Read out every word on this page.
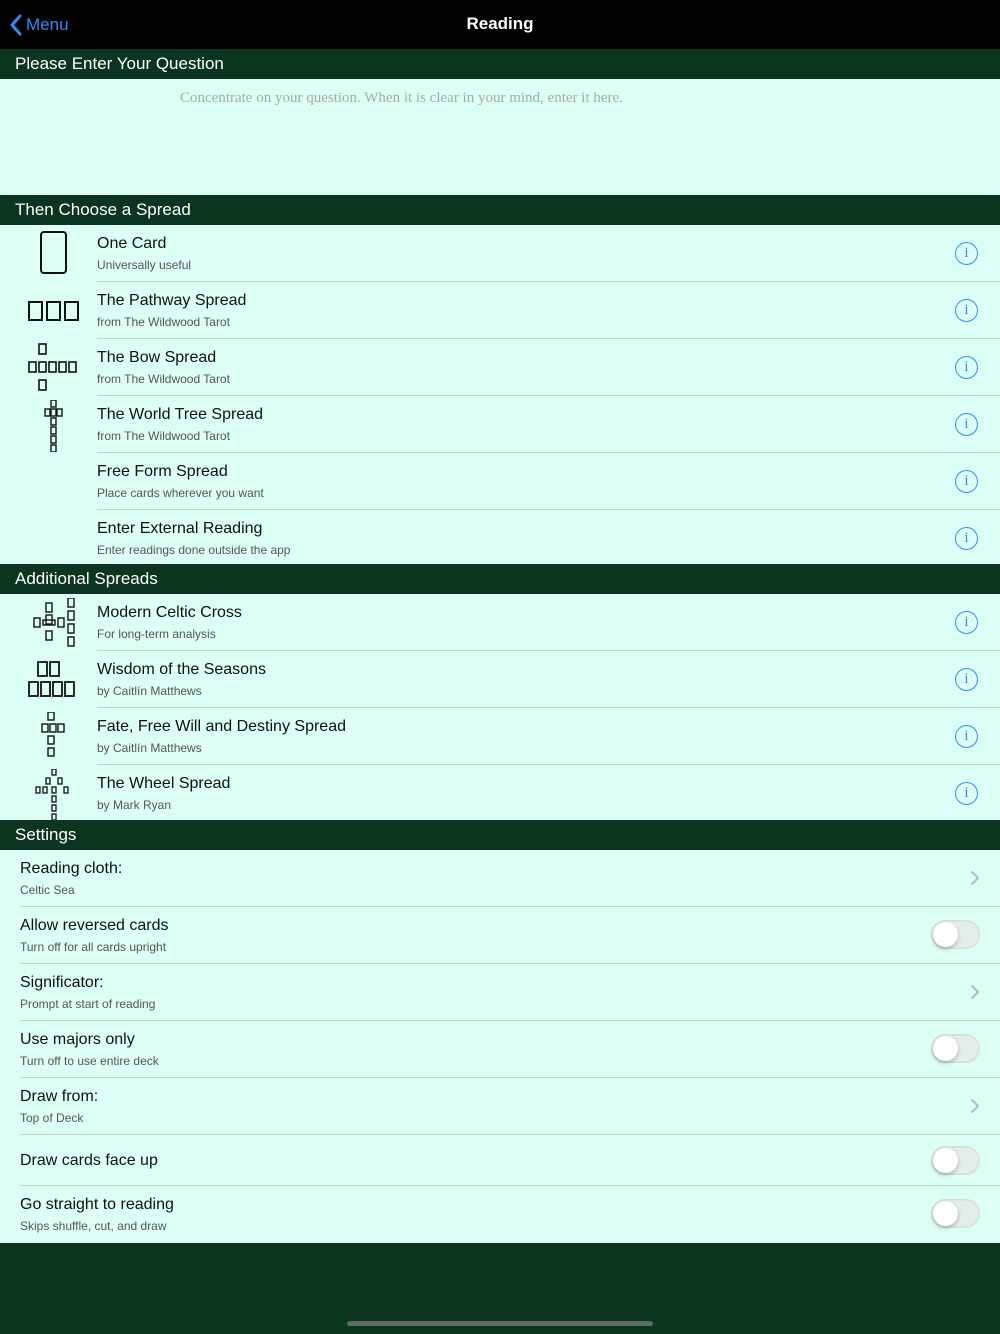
Menu	Reading
Please Enter Your Question
Concentrate on your question. When it is clear in your mind, enter it here.
Then Choose a Spread
One Card
Universally useful
i
The Pathway Spread
from The Wildwood Tarot
i
The Bow Spread
from The Wildwood Tarot
i
The World Tree Spread
from The Wildwood Tarot
i
Free Form Spread
Place cards wherever you want
i
Enter External Reading
Enter readings done outside the app
i
Additional Spreads
Modern Celtic Cross
For long-term analysis
i
Wisdom of the Seasons
by Caitlín Matthews
i
Fate, Free Will and Destiny Spread
by Caitlín Matthews
i
The Wheel Spread
by Mark Ryan
i
Settings
Reading cloth:
Celtic Sea
Allow reversed cards
Turn off for all cards upright
Significator:
Prompt at start of reading
Use majors only
Turn off to use entire deck
Draw from:
Top of Deck
Draw cards face up
Go straight to reading
Skips shuffle, cut, and draw
